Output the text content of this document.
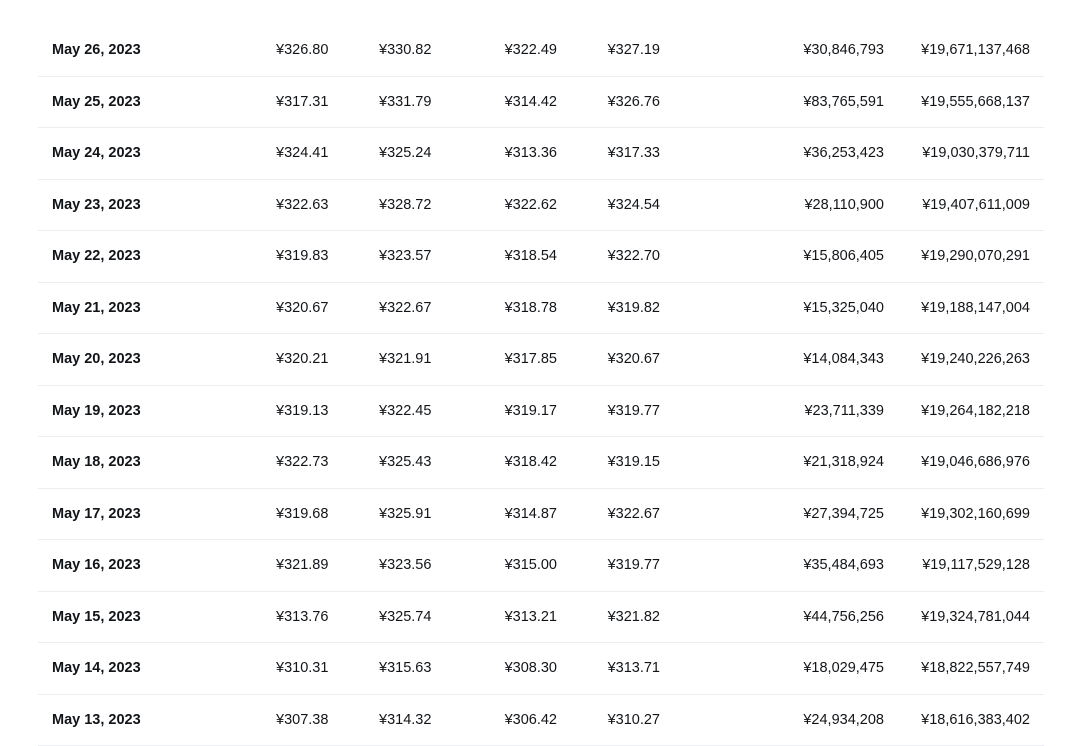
May 26, 2023	¥326.80	¥330.82	¥322.49	¥327.19	¥30,846,793	¥19,671,137,468
May 25, 2023	¥317.31	¥331.79	¥314.42	¥326.76	¥83,765,591	¥19,555,668,137
May 24, 2023	¥324.41	¥325.24	¥313.36	¥317.33	¥36,253,423	¥19,030,379,711
May 23, 2023	¥322.63	¥328.72	¥322.62	¥324.54	¥28,110,900	¥19,407,611,009
May 22, 2023	¥319.83	¥323.57	¥318.54	¥322.70	¥15,806,405	¥19,290,070,291
May 21, 2023	¥320.67	¥322.67	¥318.78	¥319.82	¥15,325,040	¥19,188,147,004
May 20, 2023	¥320.21	¥321.91	¥317.85	¥320.67	¥14,084,343	¥19,240,226,263
May 19, 2023	¥319.13	¥322.45	¥319.17	¥319.77	¥23,711,339	¥19,264,182,218
May 18, 2023	¥322.73	¥325.43	¥318.42	¥319.15	¥21,318,924	¥19,046,686,976
May 17, 2023	¥319.68	¥325.91	¥314.87	¥322.67	¥27,394,725	¥19,302,160,699
May 16, 2023	¥321.89	¥323.56	¥315.00	¥319.77	¥35,484,693	¥19,117,529,128
May 15, 2023	¥313.76	¥325.74	¥313.21	¥321.82	¥44,756,256	¥19,324,781,044
May 14, 2023	¥310.31	¥315.63	¥308.30	¥313.71	¥18,029,475	¥18,822,557,749
May 13, 2023	¥307.38	¥314.32	¥306.42	¥310.27	¥24,934,208	¥18,616,383,402
